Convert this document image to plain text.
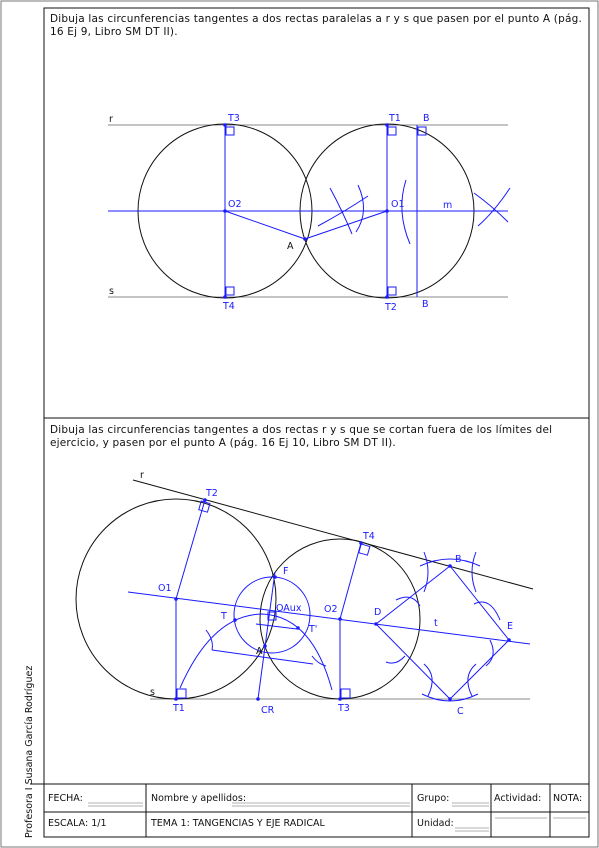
r
s
A
T3	T1 B
O2	O1	m
T4	T2	B
r
s
A
T2
T4
B
O1
F
OAux O2	D
t	E
T
T'
T1	CR	T3	C
Dibuja las circunferencias tangentes a dos rectas paralelas a r y s que pasen por el punto A (pág. 16 Ej 9, Libro SM DT II).
Dibuja las circunferencias tangentes a dos rectas r y s que se cortan fuera de los límites del ejercicio, y pasen por el punto A (pág. 16 Ej 10, Libro SM DT II).
Profesora I Susana García Rodríguez FECHA:	Nombre y apellidos:	Grupo:	Actividad: NOTA:
ESCALA: 1/1	TEMA 1: TANGENCIAS Y EJE RADICAL	Unidad:
